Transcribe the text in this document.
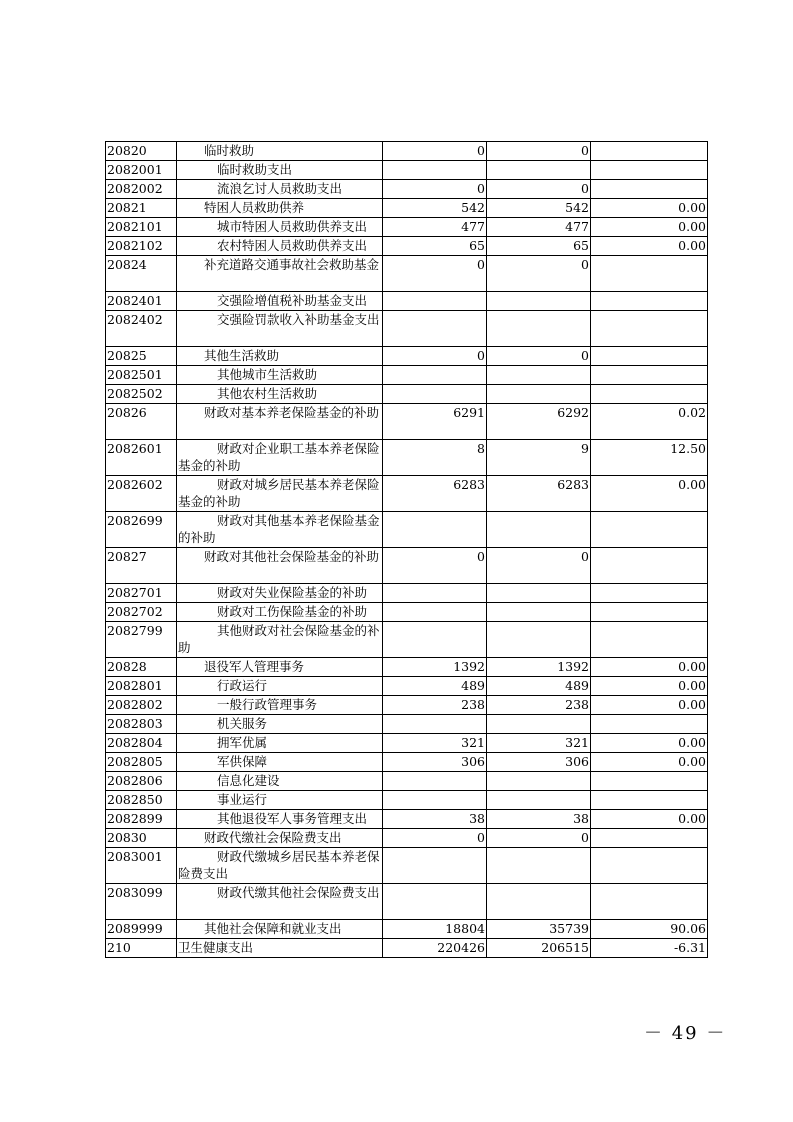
20820	临时救助	0	0	
2082001	临时救助支出			

2082002	流浪乞讨人员救助支出	0	0	
20821	特困人员救助供养	542	542	0.00
2082101	城市特困人员救助供养支出	477	477	0.00
2082102	农村特困人员救助供养支出	65	65	0.00
20824	补充道路交通事故社会救助基金	0	0	
2082401	交强险增值税补助基金支出			

2082402	交强险罚款收入补助基金支出			

20825	其他生活救助	0	0	
2082501	其他城市生活救助			

2082502	其他农村生活救助			

20826	财政对基本养老保险基金的补助	6291	6292	0.02
2082601	财政对企业职工基本养老保险基金的补助	8	9	12.50
2082602	财政对城乡居民基本养老保险基金的补助	6283	6283	0.00
2082699	财政对其他基本养老保险基金的补助			

20827	财政对其他社会保险基金的补助	0	0	
2082701	财政对失业保险基金的补助			

2082702	财政对工伤保险基金的补助			

2082799	其他财政对社会保险基金的补助			

20828	退役军人管理事务	1392	1392	0.00
2082801	行政运行	489	489	0.00
2082802	一般行政管理事务	238	238	0.00
2082803	机关服务			

2082804	拥军优属	321	321	0.00
2082805	军供保障	306	306	0.00
2082806	信息化建设			

2082850	事业运行			

2082899	其他退役军人事务管理支出	38	38	0.00
20830	财政代缴社会保险费支出	0	0	
2083001	财政代缴城乡居民基本养老保险费支出			

2083099	财政代缴其他社会保险费支出			

2089999	其他社会保障和就业支出	18804	35739	90.06
210	卫生健康支出	220426	206515	-6.31
－ 49 －
